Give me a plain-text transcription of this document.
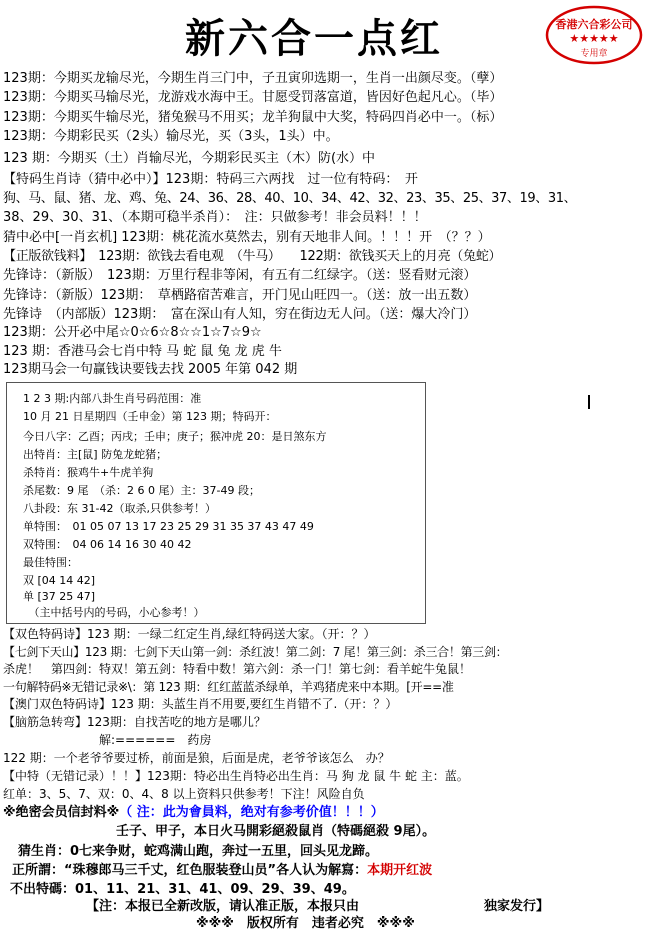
新六合一点红	香港六合彩公司
★★★★★
专用章
123期：今期买龙输尽光，今期生肖三门中，子丑寅卯选期一，生肖一出颜尽变。（孽）
123期：今期买马输尽光，龙游戏水海中王。甘愿受罚落富道，皆因好色起凡心。（毕）
123期：今期买牛输尽光，猪兔猴马不用买；龙羊狗鼠中大奖，特码四肖必中一。（标）
123期：今期彩民买（2头）输尽光，买（3头，1头）中。
123 期：今期买（土）肖输尽光，今期彩民买主（木）防(水）中
【特码生肖诗（猜中必中）】123期：特码三六两找　过一位有特码：　开
狗、马、鼠、猪、龙、鸡、兔、24、36、28、40、10、34、42、32、23、35、25、37、19、31、
38、29、30、31、（本期可稳半杀肖）：　注：只做参考！非会员料！！！
猜中必中[一肖玄机] 123期：桃花流水莫然去，别有天地非人间。！！！开　（？？）
【正版欲钱料】　123期：欲钱去看电观　（牛马）　　122期：欲钱买天上的月亮（兔蛇）
先锋诗：（新版）　123期：万里行程非等闲，有五有二红绿字。（送：竖看财元滚）
先锋诗：（新版）123期：　草栖路宿苦难言，开门见山旺四一。（送：放一出五数）
先锋诗　（内部版）123期：　富在深山有人知，穷在街边无人问。（送：爆大冷门）
123期：公开必中尾☆0☆6☆8☆☆1☆7☆9☆
123 期：香港马会七肖中特 马 蛇 鼠 兔 龙 虎 牛
123期马会一句赢钱诀要钱去找 2005 年第 042 期
1 2 3 期:内部八卦生肖号码范围：准
10 月 21 日星期四（壬申金）第 123 期；特码开：
今日八字：乙酉；丙戌；壬申；庚子；猴冲虎 20：是日煞东方
出特肖：主[鼠] 防兔龙蛇猪；
杀特肖：猴鸡牛+牛虎羊狗
杀尾数：9 尾　（杀：2 6 0 尾）主：37-49 段；
八卦段：东 31-42（取杀,只供参考！）
单特围：　01 05 07 13 17 23 25 29 31 35 37 43 47 49
双特围：　04 06 14 16 30 40 42
最佳特围：
双 [04 14 42]
单 [37 25 47]
　（主中括号内的号码，小心参考！）
【双色特码诗】123 期：一绿二红定生肖,绿红特码送大家。（开：？）
【七剑下天山】123 期：七剑下天山第一剑：杀红波！第二剑：7 尾！第三剑：杀三合！第三剑：
杀虎！　第四剑：特双！第五剑：特看中数！第六剑：杀一门！第七剑：看羊蛇牛兔鼠！
一句解特码※无错记录※\：第 123 期：红红蓝蓝杀绿单，羊鸡猪虎来中本期。[开==准
【澳门双色特码诗】123 期：头蓝生肖不用要,要红生肖错不了.（开：？）
【脑筋急转弯】123期：自找苦吃的地方是哪儿？
　　　　　　　　解:======　药房
122 期：一个老爷爷要过桥，前面是狼，后面是虎，老爷爷该怎么　办？
【中特（无错记录）！！】123期：特必出生肖特必出生肖：马 狗 龙 鼠 牛 蛇 主：蓝。
红单：3、5、7、双：0、4、8 以上资料只供参考！下注！风险自负
※绝密会员信封料※（ 注：此为會員料，绝对有参考价值！！！）
壬子、甲子，本日火马開彩絕殺鼠肖（特碼絕殺 9尾）。
猜生肖：0七来争财，蛇鸡满山跑，奔过一五里，回头见龙蹄。
正所謂：“珠穆郎马三千丈，红色服装登山员”各人认为解寫：本期开红波
不出特碼：01、11、21、31、41、09、29、39、49。
【注：本报已全新改版，请认准正版，本报只由	独家发行】
※※※　版权所有　违者必究　※※※
